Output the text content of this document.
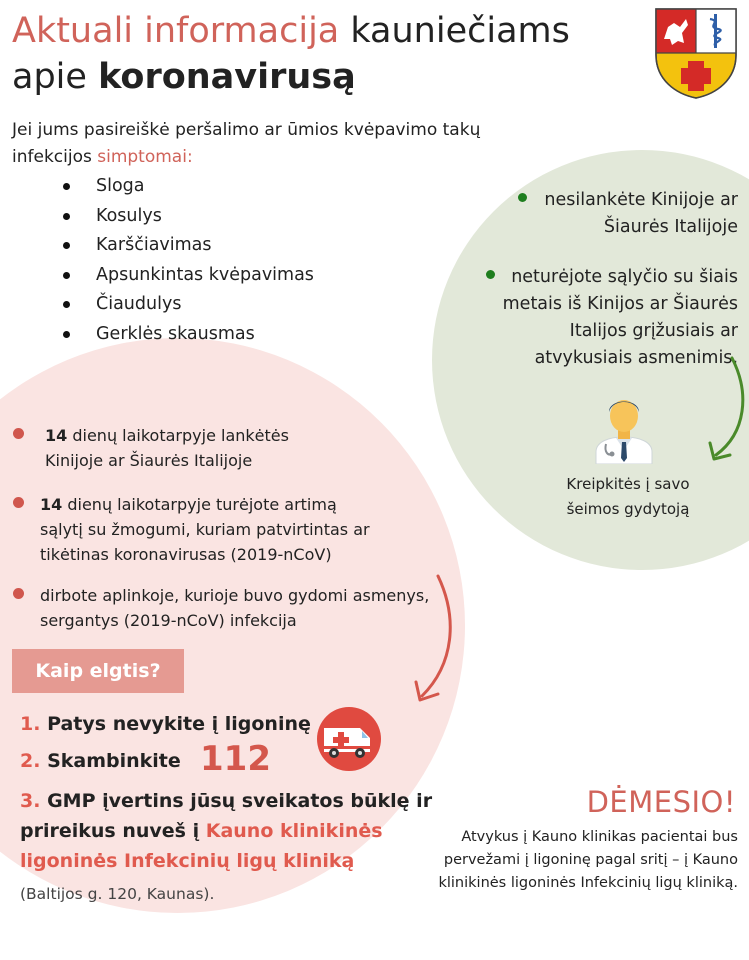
Aktuali informacija kauniečiams
apie koronavirusą
Jei jums pasireiškė peršalimo ar ūmios kvėpavimo takų
infekcijos simptomai:
Sloga
Kosulys
Karščiavimas
Apsunkintas kvėpavimas
Čiaudulys
Gerklės skausmas
nesilankėte Kinijoje ar
Šiaurės Italijoje
neturėjote sąlyčio su šiais
metais iš Kinijos ar Šiaurės
Italijos grįžusiais ar
atvykusiais asmenimis,
Kreipkitės į savo
šeimos gydytoją
14 dienų laikotarpyje lankėtės
Kinijoje ar Šiaurės Italijoje
14 dienų laikotarpyje turėjote artimą
sąlytį su žmogumi, kuriam patvirtintas ar
tikėtinas koronavirusas (2019-nCoV)
dirbote aplinkoje, kurioje buvo gydomi asmenys,
sergantys (2019-nCoV) infekcija
Kaip elgtis?
1. Patys nevykite į ligoninę
2. Skambinkite 112
3. GMP įvertins jūsų sveikatos būklę ir
prireikus nuveš į Kauno klinikinės
ligoninės Infekcinių ligų kliniką
(Baltijos g. 120, Kaunas).
DĖMESIO!
Atvykus į Kauno klinikas pacientai bus
pervežami į ligoninę pagal sritį – į Kauno
klinikinės ligoninės Infekcinių ligų kliniką.
